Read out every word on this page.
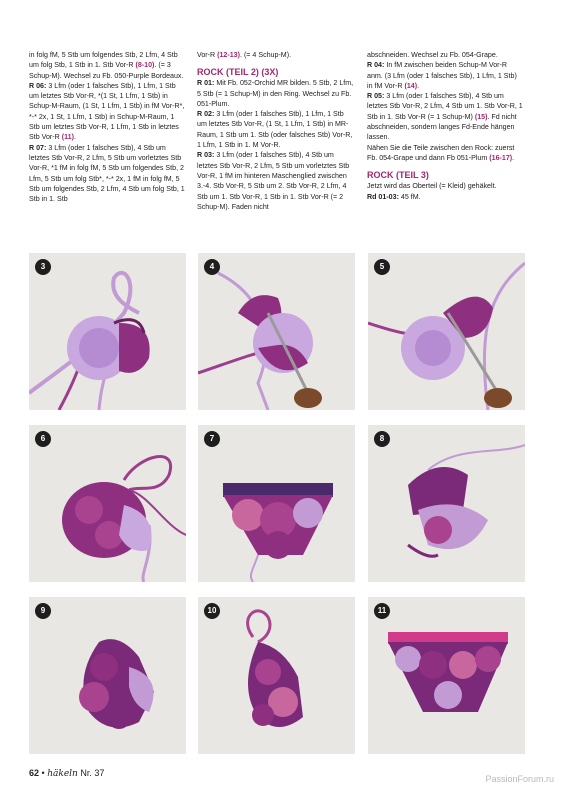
in folg fM, 5 Stb um folgendes Stb, 2 Lfm, 4 Stb um folg Stb, 1 Stb in 1. Stb Vor-R (8-10). (= 3 Schup-M). Wechsel zu Fb. 050-Purple Bordeaux.

R 06: 3 Lfm (oder 1 falsches Stb), 1 Lfm, 1 Stb um letztes Stb Vor-R, *(1 St, 1 Lfm, 1 Stb) in Schup-M-Raum, (1 St, 1 Lfm, 1 Stb) in fM Vor-R*, *-* 2x, 1 St, 1 Lfm, 1 Stb) in Schup-M-Raum, 1 Stb um letztes Stb Vor-R, 1 Lfm, 1 Stb in letztes Stb Vor-R (11).

R 07: 3 Lfm (oder 1 falsches Stb), 4 Stb um letztes Stb Vor-R, 2 Lfm, 5 Stb um vorletztes Stb Vor-R, *1 fM in folg fM, 5 Stb um folgendes Stb, 2 Lfm, 5 Stb um folg Stb*, *-* 2x, 1 fM in folg fM, 5 Stb um folgendes Stb, 2 Lfm, 4 Stb um folg Stb, 1 Stb in 1. Stb

Vor-R (12-13). (= 4 Schup-M).

ROCK (TEIL 2) (3X)

R 01: Mit Fb. 052-Orchid MR bilden. 5 Stb, 2 Lfm, 5 Stb (= 1 Schup-M) in den Ring. Wechsel zu Fb. 051-Plum.

R 02: 3 Lfm (oder 1 falsches Stb), 1 Lfm, 1 Stb um letztes Stb Vor-R, (1 St, 1 Lfm, 1 Stb) in MR-Raum, 1 Stb um 1. Stb (oder falsches Stb) Vor-R, 1 Lfm, 1 Stb in 1. M Vor-R.

R 03: 3 Lfm (oder 1 falsches Stb), 4 Stb um letztes Stb Vor-R, 2 Lfm, 5 Stb um vorletztes Stb Vor-R, 1 fM im hinteren Maschenglied zwischen 3.-4. Stb Vor-R, 5 Stb um 2. Stb Vor-R, 2 Lfm, 4 Stb um 1. Stb Vor-R, 1 Stb in 1. Stb Vor-R (= 2 Schup-M). Faden nicht

abschneiden. Wechsel zu Fb. 054-Grape.

R 04: In fM zwischen beiden Schup-M Vor-R anm. (3 Lfm (oder 1 falsches Stb), 1 Lfm, 1 Stb) in fM Vor-R (14).

R 05: 3 Lfm (oder 1 falsches Stb), 4 Stb um letztes Stb Vor-R, 2 Lfm, 4 Stb um 1. Stb Vor-R, 1 Stb in 1. Stb Vor-R (= 1 Schup-M) (15). Fd nicht abschneiden, sondern langes Fd-Ende hängen lassen.

Nähen Sie die Teile zwischen den Rock: zuerst Fb. 054-Grape und dann Fb 051-Plum (16-17).

ROCK (TEIL 3)

Jetzt wird das Oberteil (= Kleid) gehäkelt.

Rd 01-03: 45 fM.

3	4	5
6	7	8
9	10	11
62 • häkeln Nr. 37
PassionForum.ru
